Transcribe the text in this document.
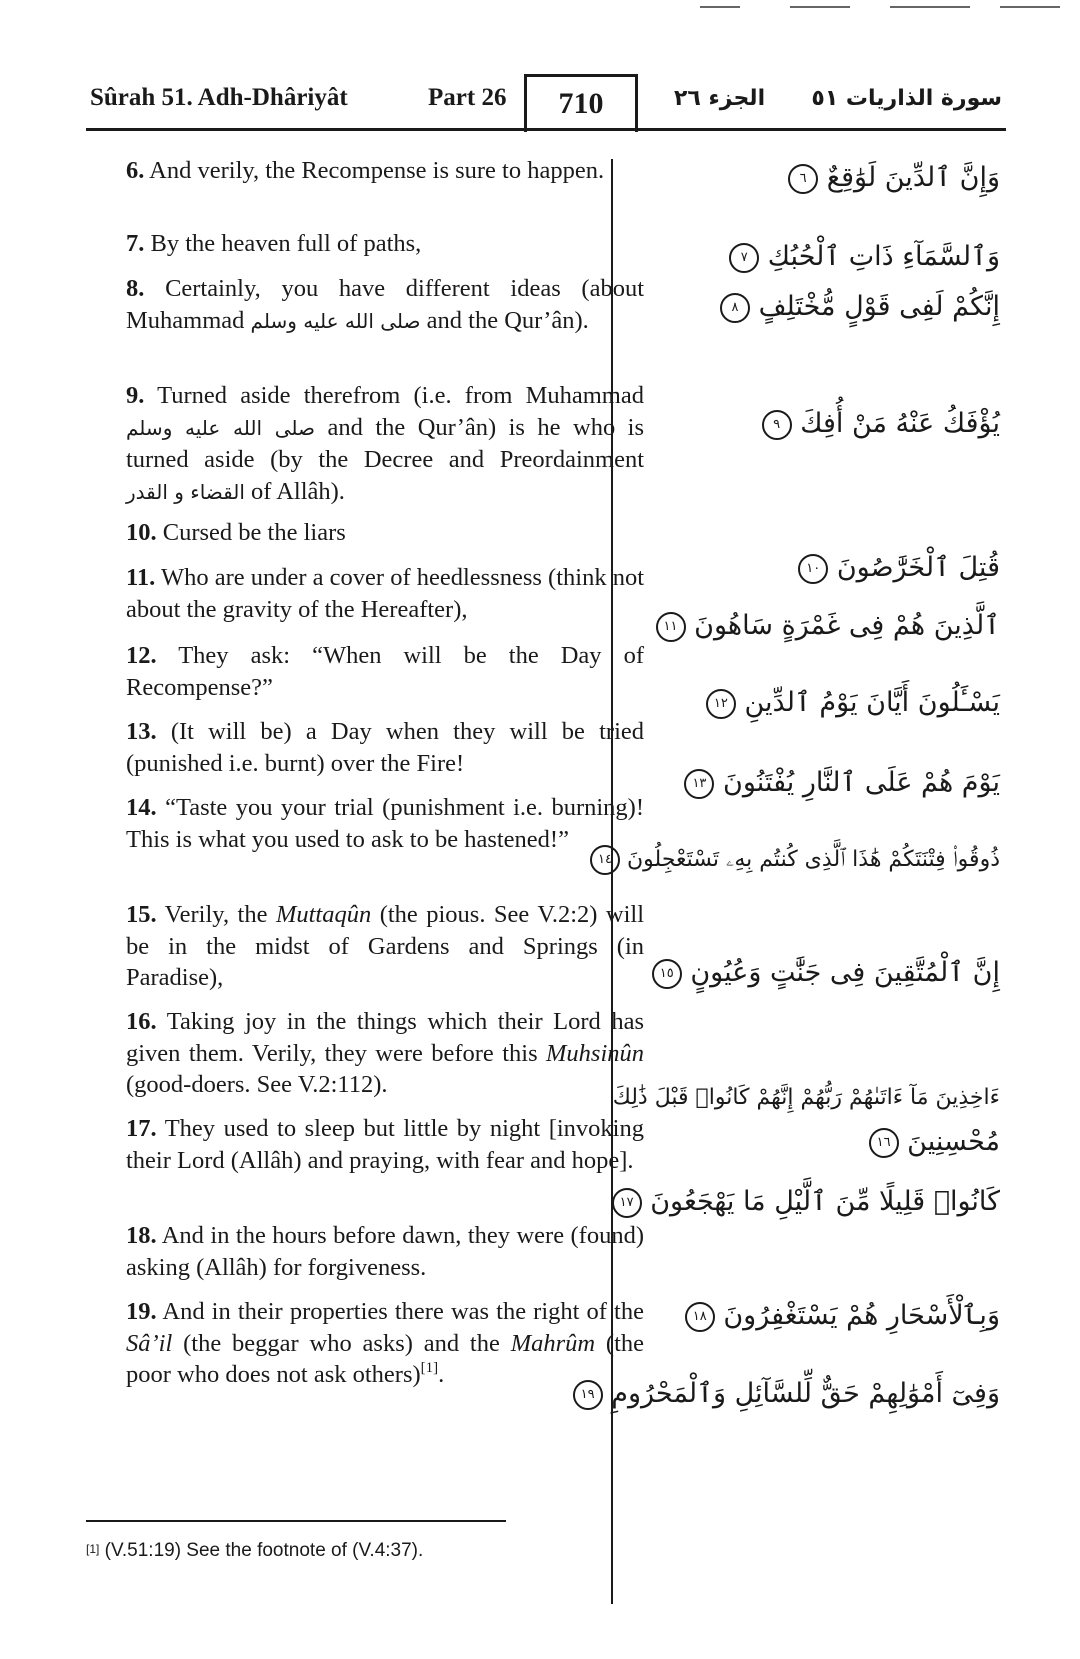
Sûrah 51. Adh-Dhâriyât	Part 26	710	الجزء ٢٦ سورة الذاريات ٥١

6. And verily, the Recompense is sure to happen.

7. By the heaven full of paths,

8. Certainly, you have different ideas (about Muhammad صلى الله عليه وسلم and the Qur’ân).

9. Turned aside therefrom (i.e. from Muhammad صلى الله عليه وسلم and the Qur’ân) is he who is turned aside (by the Decree and Preordainment القضاء و القدر of Allâh).

10. Cursed be the liars

11. Who are under a cover of heedlessness (think not about the gravity of the Hereafter),

12. They ask: “When will be the Day of Recompense?”

13. (It will be) a Day when they will be tried (punished i.e. burnt) over the Fire!

14. “Taste you your trial (punishment i.e. burning)! This is what you used to ask to be hastened!”

15. Verily, the Muttaqûn (the pious. See V.2:2) will be in the midst of Gardens and Springs (in Paradise),

16. Taking joy in the things which their Lord has given them. Verily, they were before this Muhsinûn (good-doers. See V.2:112).

17. They used to sleep but little by night [invoking their Lord (Allâh) and praying, with fear and hope].

18. And in the hours before dawn, they were (found) asking (Allâh) for forgiveness.

19. And in their properties there was the right of the Sâ’il (the beggar who asks) and the Mahrûm (the poor who does not ask others)[1].

وَإِنَّ ٱلدِّينَ لَوَٰقِعٌ ٦
وَٱلسَّمَآءِ ذَاتِ ٱلْحُبُكِ ٧
إِنَّكُمْ لَفِى قَوْلٍ مُّخْتَلِفٍ ٨
يُؤْفَكُ عَنْهُ مَنْ أُفِكَ ٩
قُتِلَ ٱلْخَرَّٰصُونَ ١٠
ٱلَّذِينَ هُمْ فِى غَمْرَةٍ سَاهُونَ ١١
يَسْـَٔلُونَ أَيَّانَ يَوْمُ ٱلدِّينِ ١٢
يَوْمَ هُمْ عَلَى ٱلنَّارِ يُفْتَنُونَ ١٣
ذُوقُوا۟ فِتْنَتَكُمْ هَٰذَا ٱلَّذِى كُنتُم بِهِۦ تَسْتَعْجِلُونَ ١٤
إِنَّ ٱلْمُتَّقِينَ فِى جَنَّٰتٍ وَعُيُونٍ ١٥
ءَاخِذِينَ مَآ ءَاتَىٰهُمْ رَبُّهُمْ إِنَّهُمْ كَانُوا۟ قَبْلَ ذَٰلِكَ
مُحْسِنِينَ ١٦
كَانُوا۟ قَلِيلًا مِّنَ ٱلَّيْلِ مَا يَهْجَعُونَ ١٧
وَبِٱلْأَسْحَارِ هُمْ يَسْتَغْفِرُونَ ١٨
وَفِىٓ أَمْوَٰلِهِمْ حَقٌّ لِّلسَّآئِلِ وَٱلْمَحْرُومِ ١٩
[1] (V.51:19) See the footnote of (V.4:37).
